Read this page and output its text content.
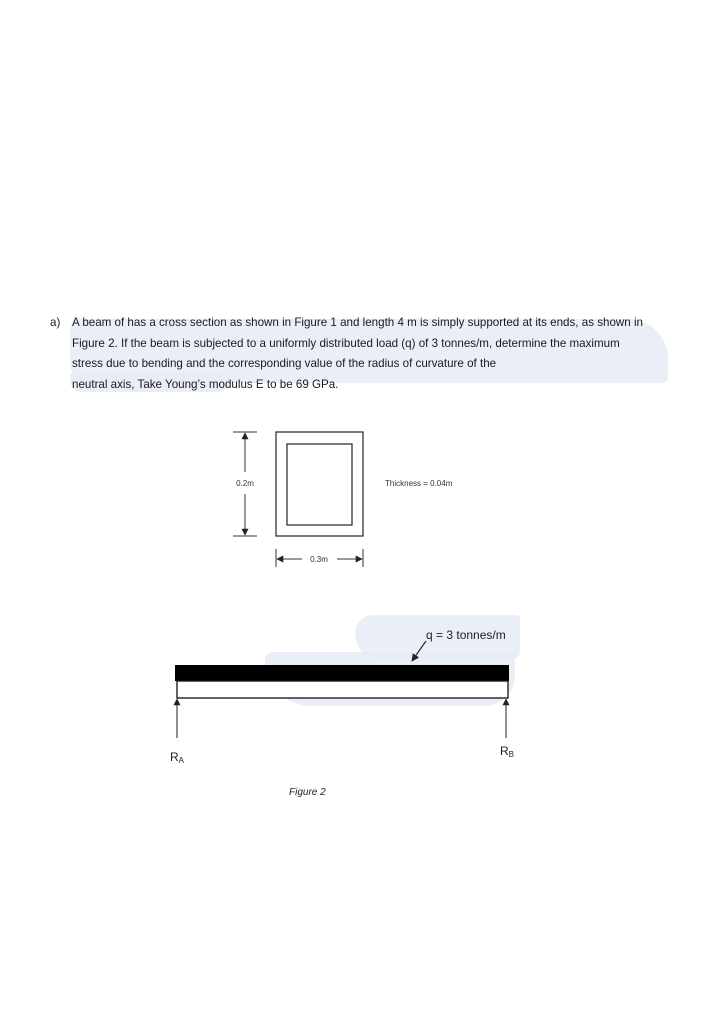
a) A beam of has a cross section as shown in Figure 1 and length 4 m is simply supported at its ends, as shown in
Figure 2. If the beam is subjected to a uniformly distributed load (q) of 3 tonnes/m, determine the maximum
stress due to bending and the corresponding value of the radius of curvature of the
neutral axis, Take Young’s modulus E to be 69 GPa.
0.2m
0.3m
Thickness = 0.04m
q = 3 tonnes/m
RA
RB
Figure 2
